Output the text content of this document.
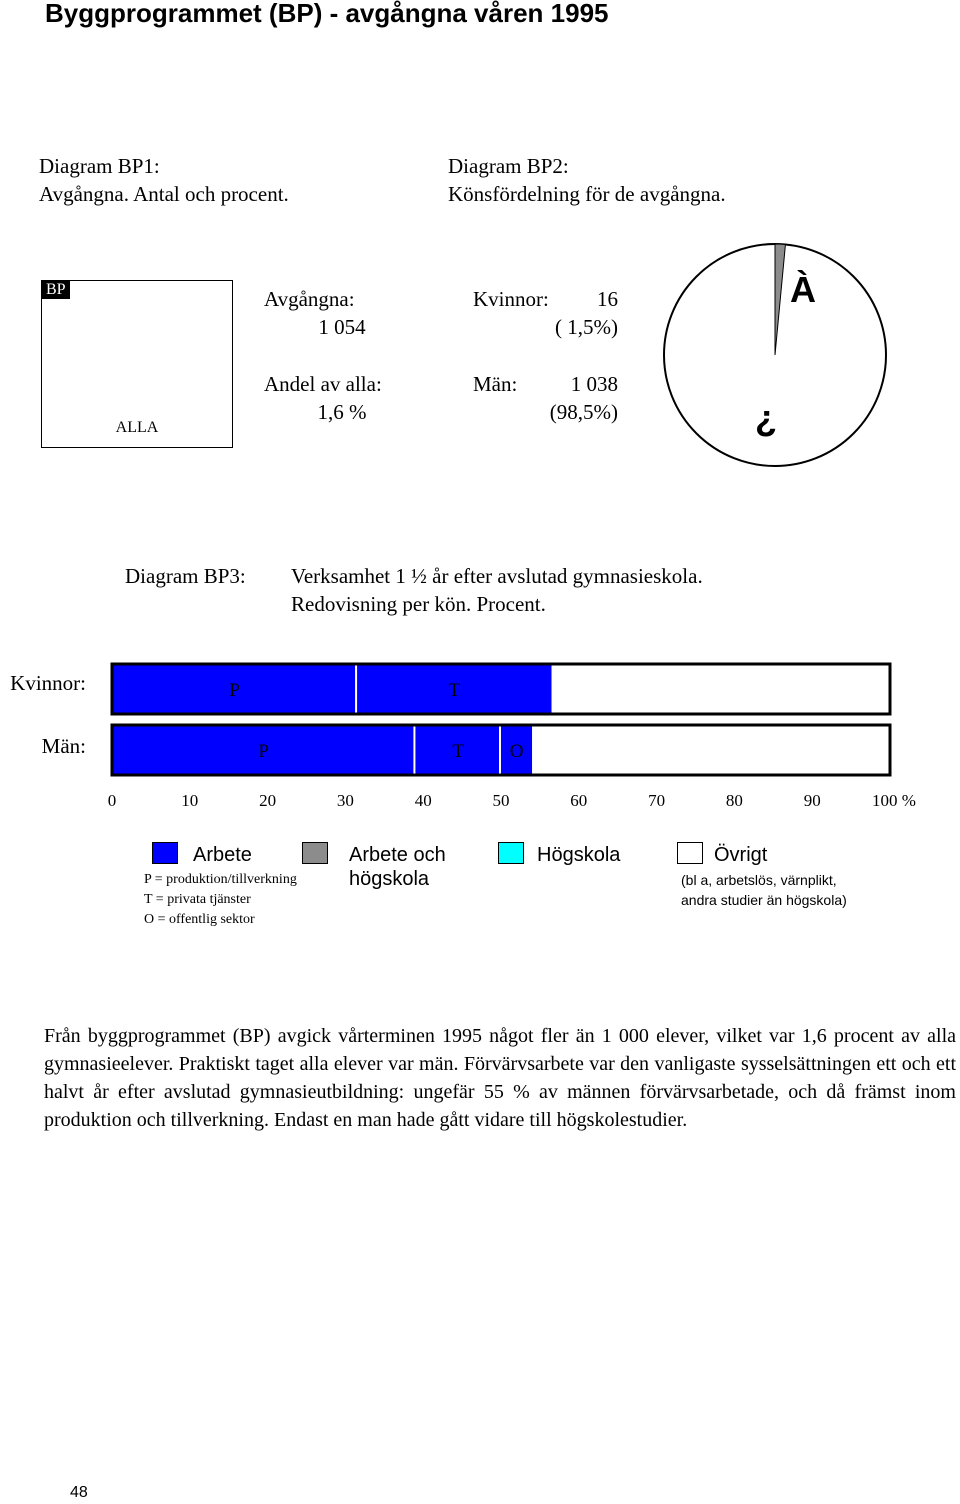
Byggprogrammet (BP) - avgångna våren 1995
Diagram BP1:
Avgångna. Antal och procent.
Diagram BP2:
Könsfördelning för de avgångna.
BP
ALLA
Avgångna:
1 054
Andel av alla:
1,6 %
Kvinnor:	16
( 1,5%)
Män:	1 038
(98,5%)
À
¿
Diagram BP3: Verksamhet 1 ½ år efter avslutad gymnasieskola.
Redovisning per kön. Procent.
Kvinnor:
Män:
P	T
P	T O
0	10	20	30	40	50	60	70	80	90	100 %
Arbete
P = produktion/tillverkning
T = privata tjänster
O = offentlig sektor
Arbete och
högskola
Högskola	Övrigt
(bl a, arbetslös, värnplikt,
andra studier än högskola)
Från byggprogrammet (BP) avgick vårterminen 1995 något fler än 1 000 elever, vilket var 1,6 procent av alla gymnasieelever. Praktiskt taget alla elever var män. Förvärvsarbete var den vanligaste sysselsättningen ett och ett halvt år efter avslutad gymnasieutbildning: ungefär 55 % av männen förvärvsarbetade, och då främst inom produktion och tillverkning. Endast en man hade gått vidare till högskolestudier.
48
